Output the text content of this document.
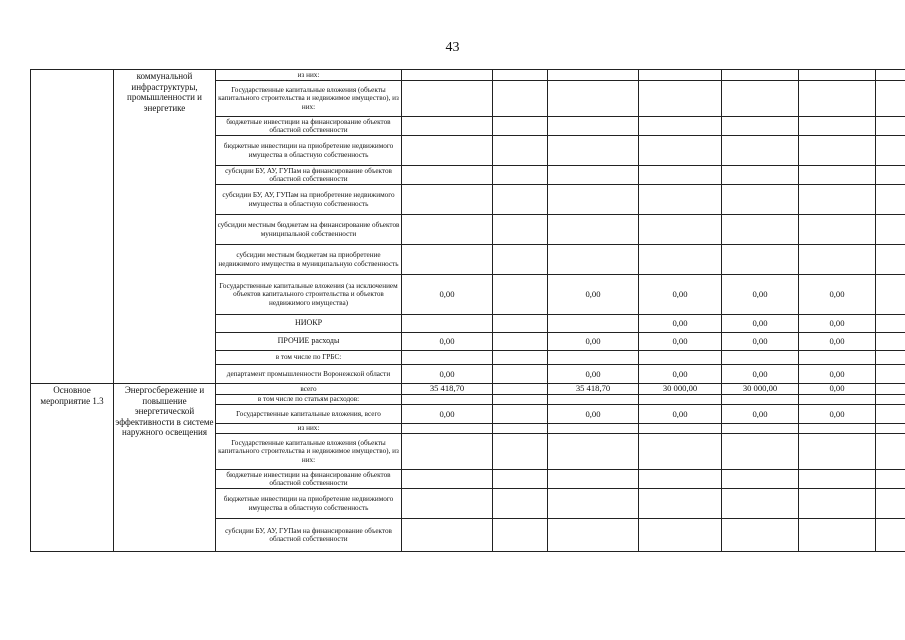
43
	коммунальной инфраструктуры, промышленности и энергетике	из них:							
		Государственные капитальные вложения (объекты капитального строительства и недвижимое имущество), из них:							
		бюджетные инвестиции на финансирование объектов областной собственности							
		бюджетные инвестиции на приобретение недвижимого имущества в областную собственность							
		субсидии БУ, АУ, ГУПам на финансирование объектов областной собственности							
		субсидии БУ, АУ, ГУПам на приобретение недвижимого имущества в областную собственность							
		субсидии местным бюджетам на финансирование объектов муниципальной собственности							
		субсидии местным бюджетам на приобретение недвижимого имущества в муниципальную собственность							
		Государственные капитальные вложения (за исключением объектов капитального строительства и объектов недвижимого имущества)	0,00		0,00	0,00	0,00	0,00	
		НИОКР				0,00	0,00	0,00	
		ПРОЧИЕ расходы	0,00		0,00	0,00	0,00	0,00	
		в том числе по ГРБС:							
		департамент промышленности Воронежской области	0,00		0,00	0,00	0,00	0,00	
Основное мероприятие 1.3	Энергосбережение и повышение энергетической эффективности в системе наружного освещения	всего	35 418,70		35 418,70	30 000,00	30 000,00	0,00	
		в том числе по статьям расходов:							
		Государственные капитальные вложения, всего	0,00		0,00	0,00	0,00	0,00	
		из них:							
		Государственные капитальные вложения (объекты капитального строительства и недвижимое имущество), из них:							
		бюджетные инвестиции на финансирование объектов областной собственности							
		бюджетные инвестиции на приобретение недвижимого имущества в областную собственность							
		субсидии БУ, АУ, ГУПам на финансирование объектов областной собственности							
